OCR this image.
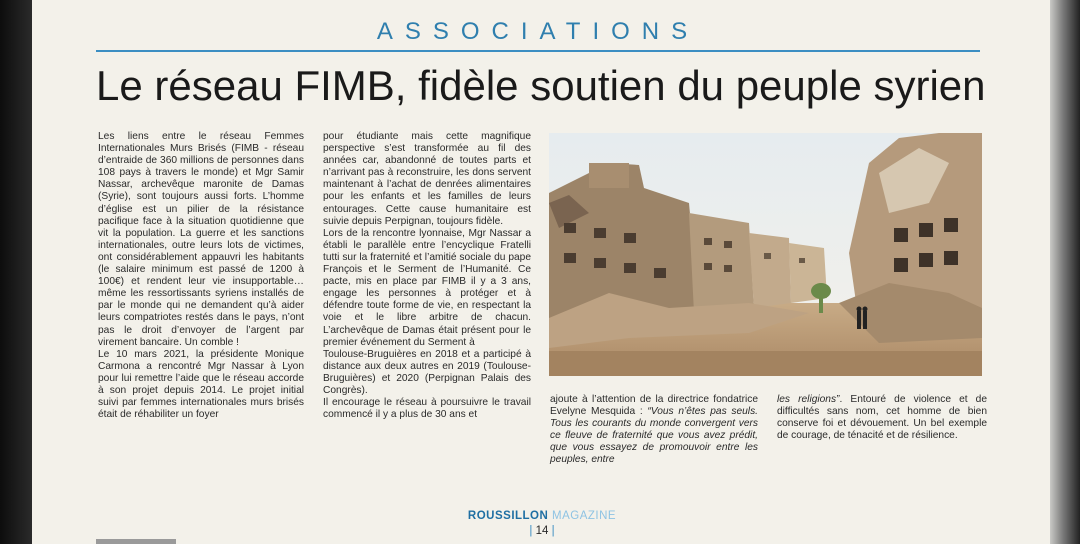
ASSOCIATIONS
Le réseau FIMB, fidèle soutien du peuple syrien

Les liens entre le réseau Femmes Internationales Murs Brisés (FIMB - réseau d’entraide de 360 millions de personnes dans 108 pays à travers le monde) et Mgr Samir Nassar, archevêque maronite de Damas (Syrie), sont toujours aussi forts. L’homme d’église est un pilier de la résistance pacifique face à la situation quotidienne que vit la population. La guerre et les sanctions internationales, outre leurs lots de victimes, ont considérablement appauvri les habitants (le salaire minimum est passé de 1200 à 100€) et rendent leur vie insupportable… même les ressortissants syriens installés de par le monde qui ne demandent qu’à aider leurs compatriotes restés dans le pays, n’ont pas le droit d’envoyer de l’argent par virement bancaire. Un comble !

Le 10 mars 2021, la présidente Monique Carmona a rencontré Mgr Nassar à Lyon pour lui remettre l’aide que le réseau accorde à son projet depuis 2014. Le projet initial suivi par femmes internationales murs brisés était de réhabiliter un foyer

pour étudiante mais cette magnifique perspective s’est transformée au fil des années car, abandonné de toutes parts et n’arrivant pas à reconstruire, les dons servent maintenant à l’achat de denrées alimentaires pour les enfants et les familles de leurs entourages. Cette cause humanitaire est suivie depuis Perpignan, toujours fidèle.

Lors de la rencontre lyonnaise, Mgr Nassar a établi le parallèle entre l’encyclique Fratelli tutti sur la fraternité et l’amitié sociale du pape François et le Serment de l’Humanité. Ce pacte, mis en place par FIMB il y a 3 ans, engage les personnes à protéger et à défendre toute forme de vie, en respectant la voie et le libre arbitre de chacun. L’archevêque de Damas était présent pour le premier événement du Serment à

Toulouse-Bruguières en 2018 et a participé à distance aux deux autres en 2019 (Toulouse-Bruguières) et 2020 (Perpignan Palais des Congrès).

Il encourage le réseau à poursuivre le travail commencé il y a plus de 30 ans et

ajoute à l’attention de la directrice fondatrice Evelyne Mesquida : “Vous n’êtes pas seuls. Tous les courants du monde convergent vers ce fleuve de fraternité que vous avez prédit, que vous essayez de promouvoir entre les peuples, entre

les religions”. Entouré de violence et de difficultés sans nom, cet homme de bien conserve foi et dévouement. Un bel exemple de courage, de ténacité et de résilience.

ROUSSILLON MAGAZINE
| 14 |
